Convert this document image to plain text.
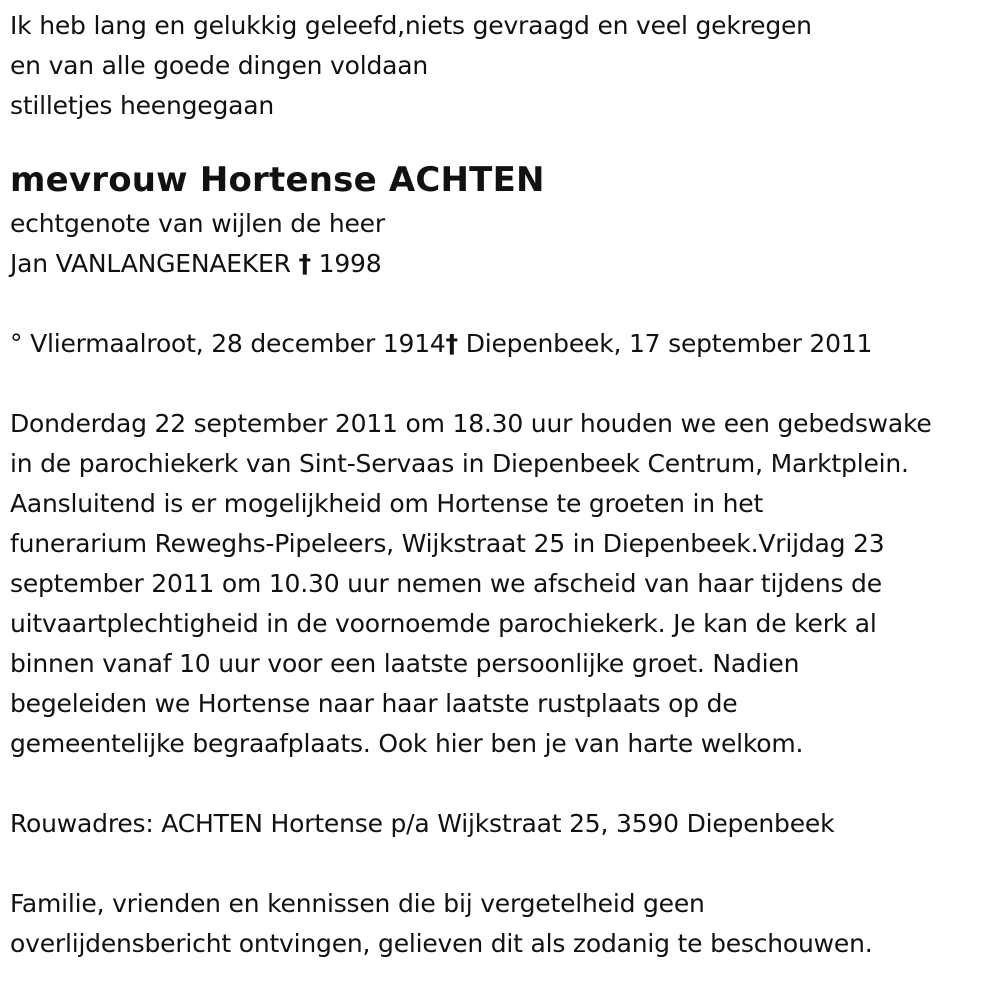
Ik heb lang en gelukkig geleefd,niets gevraagd en veel gekregen
en van alle goede dingen voldaan
stilletjes heengegaan
mevrouw Hortense ACHTEN
echtgenote van wijlen de heer
Jan VANLANGENAEKER † 1998
° Vliermaalroot, 28 december 1914† Diepenbeek, 17 september 2011
Donderdag 22 september 2011 om 18.30 uur houden we een gebedswake
in de parochiekerk van Sint-Servaas in Diepenbeek Centrum, Marktplein.
Aansluitend is er mogelijkheid om Hortense te groeten in het
funerarium Reweghs-Pipeleers, Wijkstraat 25 in Diepenbeek.Vrijdag 23
september 2011 om 10.30 uur nemen we afscheid van haar tijdens de
uitvaartplechtigheid in de voornoemde parochiekerk. Je kan de kerk al
binnen vanaf 10 uur voor een laatste persoonlijke groet. Nadien
begeleiden we Hortense naar haar laatste rustplaats op de
gemeentelijke begraafplaats. Ook hier ben je van harte welkom.
Rouwadres: ACHTEN Hortense p/a Wijkstraat 25, 3590 Diepenbeek
Familie, vrienden en kennissen die bij vergetelheid geen
overlijdensbericht ontvingen, gelieven dit als zodanig te beschouwen.
